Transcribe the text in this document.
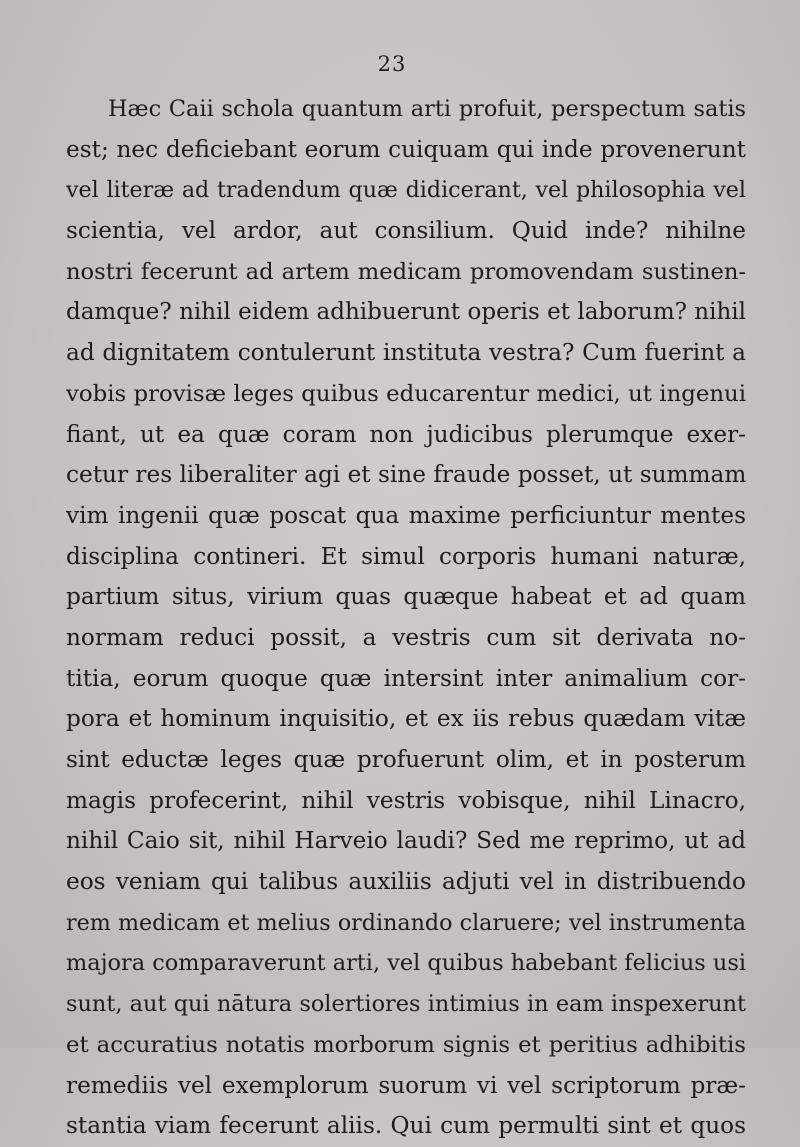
23
Hæc Caii schola quantum arti profuit, perspectum satis
est; nec deficiebant eorum cuiquam qui inde provenerunt
vel literæ ad tradendum quæ didicerant, vel philosophia vel
scientia, vel ardor, aut consilium. Quid inde? nihilne
nostri fecerunt ad artem medicam promovendam sustinen-
damque? nihil eidem adhibuerunt operis et laborum? nihil
ad dignitatem contulerunt instituta vestra? Cum fuerint a
vobis provisæ leges quibus educarentur medici, ut ingenui
fiant, ut ea quæ coram non judicibus plerumque exer-
cetur res liberaliter agi et sine fraude posset, ut summam
vim ingenii quæ poscat qua maxime perficiuntur mentes
disciplina contineri. Et simul corporis humani naturæ,
partium situs, virium quas quæque habeat et ad quam
normam reduci possit, a vestris cum sit derivata no-
titia, eorum quoque quæ intersint inter animalium cor-
pora et hominum inquisitio, et ex iis rebus quædam vitæ
sint eductæ leges quæ profuerunt olim, et in posterum
magis profecerint, nihil vestris vobisque, nihil Linacro,
nihil Caio sit, nihil Harveio laudi? Sed me reprimo, ut ad
eos veniam qui talibus auxiliis adjuti vel in distribuendo
rem medicam et melius ordinando claruere; vel instrumenta
majora comparaverunt arti, vel quibus habebant felicius usi
sunt, aut qui nātura solertiores intimius in eam inspexerunt
et accuratius notatis morborum signis et peritius adhibitis
remediis vel exemplorum suorum vi vel scriptorum præ-
stantia viam fecerunt aliis. Qui cum permulti sint et quos
